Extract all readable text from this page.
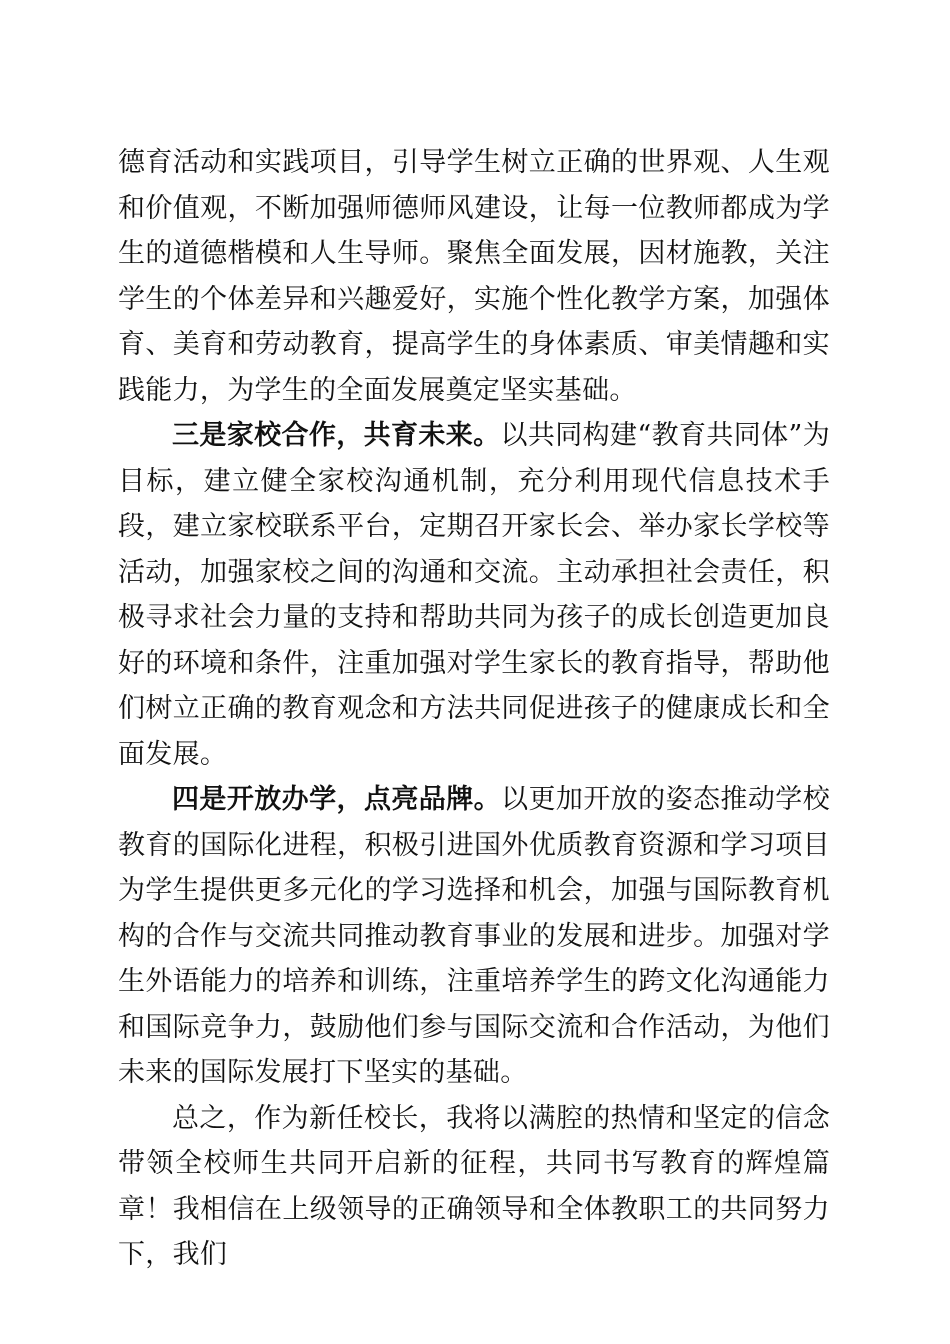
德育活动和实践项目，引导学生树立正确的世界观、人生观和价值观，不断加强师德师风建设，让每一位教师都成为学生的道德楷模和人生导师。聚焦全面发展，因材施教，关注学生的个体差异和兴趣爱好，实施个性化教学方案，加强体育、美育和劳动教育，提高学生的身体素质、审美情趣和实践能力，为学生的全面发展奠定坚实基础。

三是家校合作，共育未来。以共同构建“教育共同体”为目标，建立健全家校沟通机制，充分利用现代信息技术手段，建立家校联系平台，定期召开家长会、举办家长学校等活动，加强家校之间的沟通和交流。主动承担社会责任，积极寻求社会力量的支持和帮助共同为孩子的成长创造更加良好的环境和条件，注重加强对学生家长的教育指导，帮助他们树立正确的教育观念和方法共同促进孩子的健康成长和全面发展。

四是开放办学，点亮品牌。以更加开放的姿态推动学校教育的国际化进程，积极引进国外优质教育资源和学习项目为学生提供更多元化的学习选择和机会，加强与国际教育机构的合作与交流共同推动教育事业的发展和进步。加强对学生外语能力的培养和训练，注重培养学生的跨文化沟通能力和国际竞争力，鼓励他们参与国际交流和合作活动，为他们未来的国际发展打下坚实的基础。

总之，作为新任校长，我将以满腔的热情和坚定的信念带领全校师生共同开启新的征程，共同书写教育的辉煌篇章！我相信在上级领导的正确领导和全体教职工的共同努力下，我们
